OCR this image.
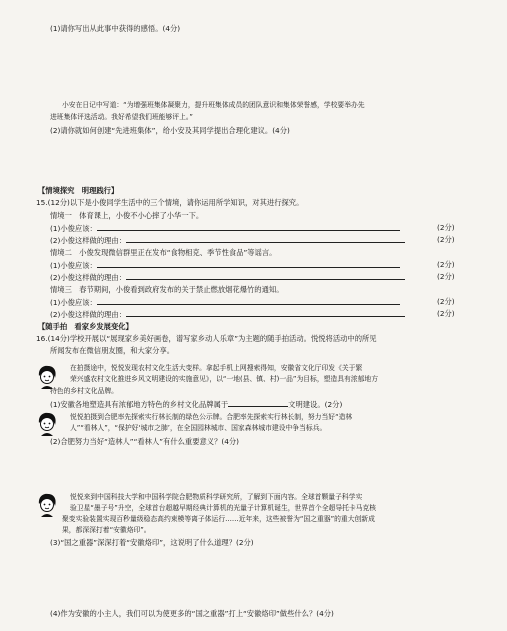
(1)请你写出从此事中获得的感悟。(4分)
小安在日记中写道：“为增强班集体凝聚力，提升班集体成员的团队意识和集体荣誉感，学校要举办先
进班集体评选活动。我好希望我们班能够评上。”
(2)请你就如何创建“先进班集体”，给小安及其同学提出合理化建议。(4分)
【情境探究　明理践行】
15.(12分)以下是小俊同学生活中的三个情境，请你运用所学知识，对其进行探究。
情境一　体育课上，小俊不小心摔了小华一下。
(1)小俊应该：	(2分)
(2)小俊这样做的理由：	(2分)
情境二　小俊发现微信群里正在发布“食物相克、季节性食品”等谣言。
(1)小俊应该：	(2分)
(2)小俊这样做的理由：	(2分)
情境三　春节期间，小俊看到政府发布的关于禁止燃放烟花爆竹的通知。
(1)小俊应该：	(2分)
(2)小俊这样做的理由：	(2分)
【随手拍　看家乡发展变化】
16.(14分)学校开展以“展现家乡美好画卷，谱写家乡动人乐章”为主题的随手拍活动。悦悦将活动中的所见
所闻发布在微信朋友圈，和大家分享。
在拍摄途中，悦悦发现农村文化生活大变样。拿起手机上网搜索得知，安徽省文化厅印发《关于繁
荣兴盛农村文化推进乡风文明建设的实施意见》，以“一地(县、镇、村)一品”为目标，塑造具有浓郁地方
特色的乡村文化品牌。
(1)安徽各地塑造具有浓郁地方特色的乡村文化品牌属于	文明建设。(2分)
悦悦拍摄到合肥率先探索实行林长制的绿色公示牌。合肥率先探索实行林长制，努力当好“造林
人”“看林人”，“保护好‘城市之肺’，在全国园林城市、国家森林城市建设中争当标兵。
(2)合肥努力当好“造林人”“看林人”有什么重要意义？(4分)
悦悦来到中国科技大学和中国科学院合肥物质科学研究所，了解到下面内容。全球首颗量子科学实
验卫星“墨子号”升空，全球首台超越早期经典计算机的光量子计算机诞生，世界首个全超导托卡马克核
聚变实验装置实现百秒量级稳态高约束模等离子体运行……近年来，这些被誉为“国之重器”的重大创新成
果，都深深打着“安徽烙印”。
(3)“国之重器”深深打着“安徽烙印”，这说明了什么道理？(2分)
(4)作为安徽的小主人，我们可以为使更多的“国之重器”打上“安徽烙印”做些什么？(4分)
